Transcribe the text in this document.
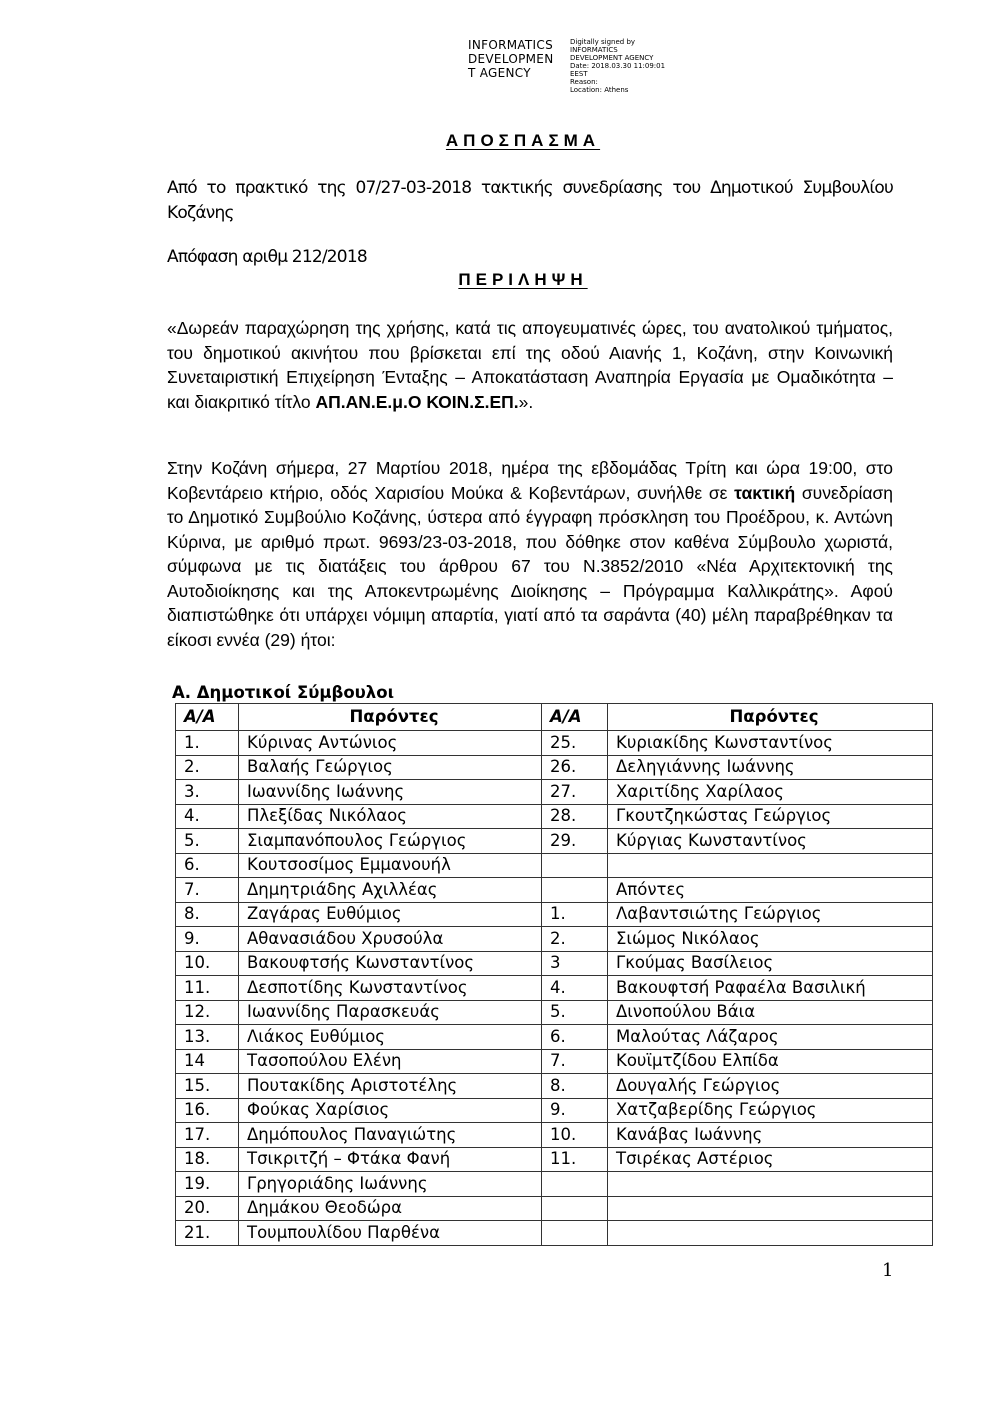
INFORMATICS
DEVELOPMEN
T AGENCY
Digitally signed by
INFORMATICS
DEVELOPMENT AGENCY
Date: 2018.03.30 11:09:01
EEST
Reason:
Location: Athens
ΑΠΟΣΠΑΣΜΑ
Από το πρακτικό της 07/27-03-2018 τακτικής συνεδρίασης του Δημοτικού Συμβουλίου Κοζάνης
Απόφαση αριθμ 212/2018
ΠΕΡΙΛΗΨΗ
«Δωρεάν παραχώρηση της χρήσης, κατά τις απογευματινές ώρες, του ανατολικού τμήματος, του δημοτικού ακινήτου που βρίσκεται επί της οδού Αιανής 1, Κοζάνη, στην Κοινωνική Συνεταιριστική Επιχείρηση Ένταξης – Αποκατάσταση Αναπηρία Εργασία με Ομαδικότητα – και διακριτικό τίτλο ΑΠ.ΑΝ.Ε.μ.Ο ΚΟΙΝ.Σ.ΕΠ.».
Στην Κοζάνη σήμερα, 27 Μαρτίου 2018, ημέρα της εβδομάδας Τρίτη και ώρα 19:00, στο Κοβεντάρειο κτήριο, οδός Χαρισίου Μούκα & Κοβεντάρων, συνήλθε σε τακτική συνεδρίαση το Δημοτικό Συμβούλιο Κοζάνης, ύστερα από έγγραφη πρόσκληση του Προέδρου, κ. Αντώνη Κύρινα, με αριθμό πρωτ. 9693/23-03-2018, που δόθηκε στον καθένα Σύμβουλο χωριστά, σύμφωνα με τις διατάξεις του άρθρου 67 του Ν.3852/2010 «Νέα Αρχιτεκτονική της Αυτοδιοίκησης και της Αποκεντρωμένης Διοίκησης – Πρόγραμμα Καλλικράτης». Αφού διαπιστώθηκε ότι υπάρχει νόμιμη απαρτία, γιατί από τα σαράντα (40) μέλη παραβρέθηκαν τα είκοσι εννέα (29) ήτοι:
Α. Δημοτικοί Σύμβουλοι
Α/Α	Παρόντες	Α/Α	Παρόντες
1.	Κύρινας Αντώνιος	25.	Κυριακίδης Κωνσταντίνος
2.	Βαλαής Γεώργιος	26.	Δεληγιάννης Ιωάννης
3.	Ιωαννίδης Ιωάννης	27.	Χαριτίδης Χαρίλαος
4.	Πλεξίδας Νικόλαος	28.	Γκουτζηκώστας Γεώργιος
5.	Σιαμπανόπουλος Γεώργιος	29.	Κύργιας Κωνσταντίνος
6.	Κουτσοσίμος Εμμανουήλ		
7.	Δημητριάδης Αχιλλέας		Απόντες
8.	Ζαγάρας Ευθύμιος	1.	Λαβαντσιώτης Γεώργιος
9.	Αθανασιάδου Χρυσούλα	2.	Σιώμος Νικόλαος
10.	Βακουφτσής Κωνσταντίνος	3	Γκούμας Βασίλειος
11.	Δεσποτίδης Κωνσταντίνος	4.	Βακουφτσή Ραφαέλα Βασιλική
12.	Ιωαννίδης Παρασκευάς	5.	Δινοπούλου Βάια
13.	Λιάκος Ευθύμιος	6.	Μαλούτας Λάζαρος
14	Τασοπούλου Ελένη	7.	Κουϊμτζίδου Ελπίδα
15.	Πουτακίδης Αριστοτέλης	8.	Δουγαλής Γεώργιος
16.	Φούκας Χαρίσιος	9.	Χατζαβερίδης Γεώργιος
17.	Δημόπουλος Παναγιώτης	10.	Κανάβας Ιωάννης
18.	Τσικριτζή – Φτάκα Φανή	11.	Τσιρέκας Αστέριος
19.	Γρηγοριάδης Ιωάννης		
20.	Δημάκου Θεοδώρα		
21.	Τουμπουλίδου Παρθένα		
1
